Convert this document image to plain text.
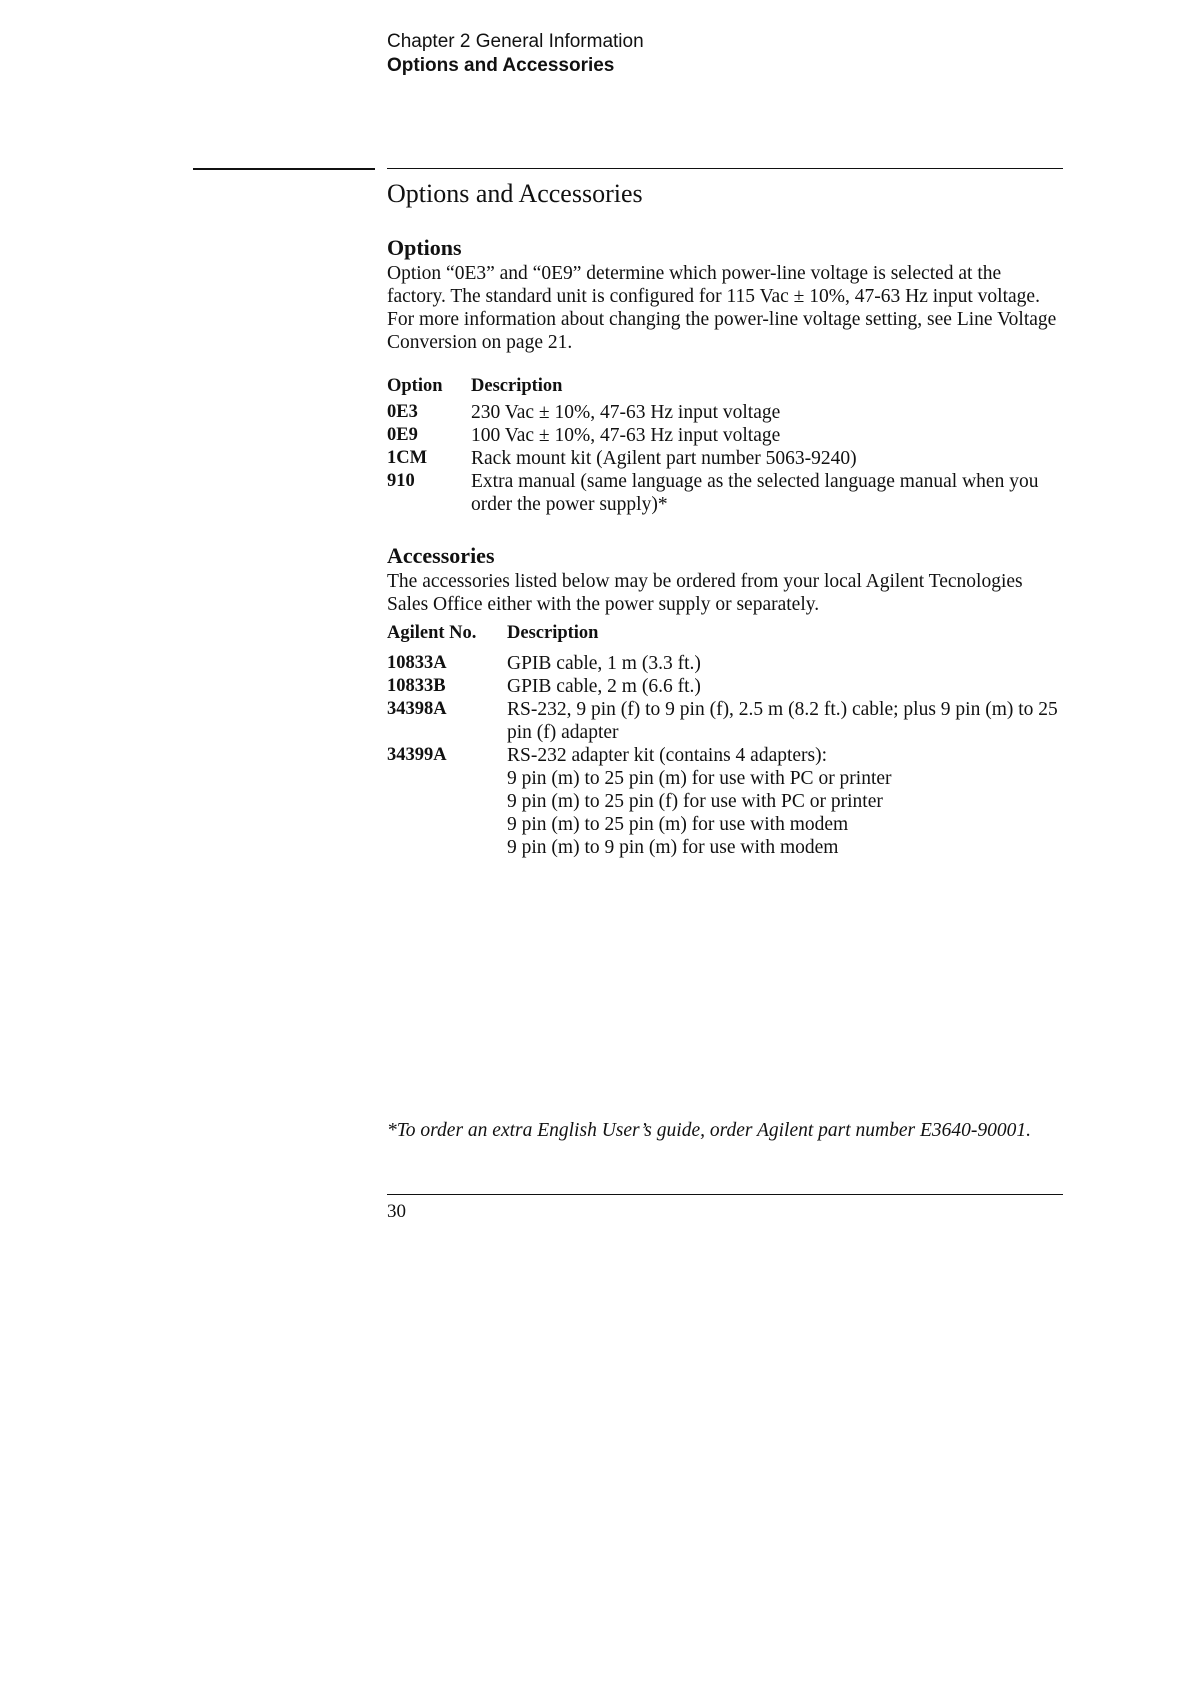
Chapter 2 General Information
Options and Accessories
Options and Accessories
Options

Option “0E3” and “0E9” determine which power-line voltage is selected at the factory. The standard unit is configured for 115 Vac ± 10%, 47-63 Hz input voltage. For more information about changing the power-line voltage setting, see Line Voltage Conversion on page 21.

Option	Description
0E3	230 Vac ± 10%, 47-63 Hz input voltage

0E9	100 Vac ± 10%, 47-63 Hz input voltage

1CM	Rack mount kit (Agilent part number 5063-9240)

910	Extra manual (same language as the selected language manual when you order the power supply)*
Accessories

The accessories listed below may be ordered from your local Agilent Tecnologies Sales Office either with the power supply or separately.

Agilent No.	Description
10833A	GPIB cable, 1 m (3.3 ft.)

10833B	GPIB cable, 2 m (6.6 ft.)

34398A	RS-232, 9 pin (f) to 9 pin (f), 2.5 m (8.2 ft.) cable; plus 9 pin (m) to 25 pin (f) adapter

34399A	RS-232 adapter kit (contains 4 adapters):
9 pin (m) to 25 pin (m) for use with PC or printer
9 pin (m) to 25 pin (f) for use with PC or printer
9 pin (m) to 25 pin (m) for use with modem
9 pin (m) to 9 pin (m) for use with modem
*To order an extra English User’s guide, order Agilent part number E3640-90001.
30
